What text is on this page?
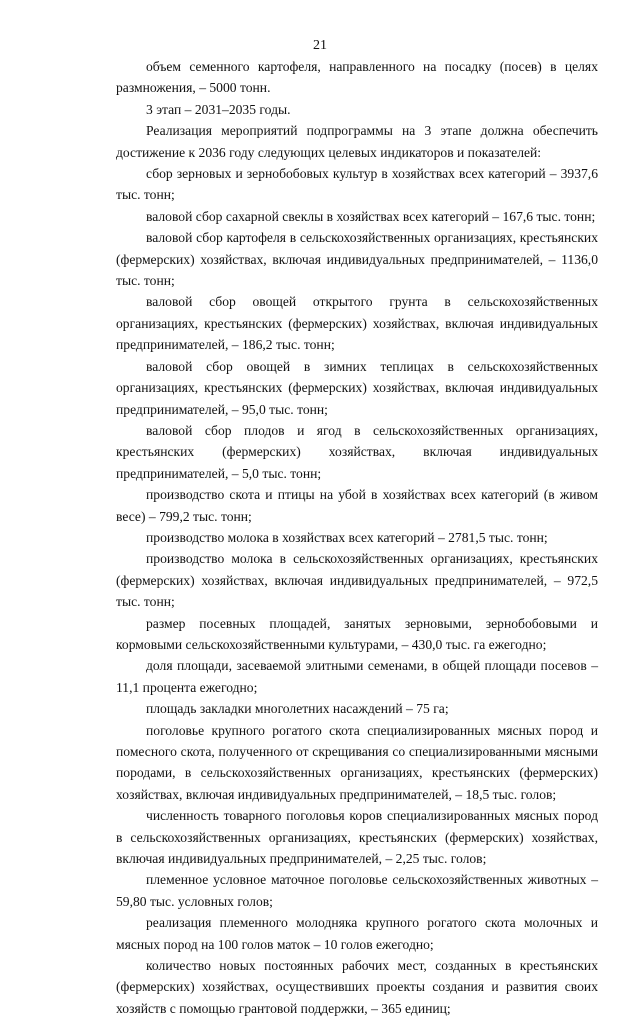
21

объем семенного картофеля, направленного на посадку (посев) в целях размножения, – 5000 тонн.

3 этап – 2031–2035 годы.

Реализация мероприятий подпрограммы на 3 этапе должна обеспечить достижение к 2036 году следующих целевых индикаторов и показателей:

сбор зерновых и зернобобовых культур в хозяйствах всех категорий – 3937,6 тыс. тонн;

валовой сбор сахарной свеклы в хозяйствах всех категорий – 167,6 тыс. тонн;

валовой сбор картофеля в сельскохозяйственных организациях, крестьянских (фермерских) хозяйствах, включая индивидуальных предпринимателей, – 1136,0 тыс. тонн;

валовой сбор овощей открытого грунта в сельскохозяйственных организациях, крестьянских (фермерских) хозяйствах, включая индивидуальных предпринимателей, – 186,2 тыс. тонн;

валовой сбор овощей в зимних теплицах в сельскохозяйственных организациях, крестьянских (фермерских) хозяйствах, включая индивидуальных предпринимателей, – 95,0 тыс. тонн;

валовой сбор плодов и ягод в сельскохозяйственных организациях, крестьянских (фермерских) хозяйствах, включая индивидуальных предпринимателей, – 5,0 тыс. тонн;

производство скота и птицы на убой в хозяйствах всех категорий (в живом весе) – 799,2 тыс. тонн;

производство молока в хозяйствах всех категорий – 2781,5 тыс. тонн;

производство молока в сельскохозяйственных организациях, крестьянских (фермерских) хозяйствах, включая индивидуальных предпринимателей, – 972,5 тыс. тонн;

размер посевных площадей, занятых зерновыми, зернобобовыми и кормовыми сельскохозяйственными культурами, – 430,0 тыс. га ежегодно;

доля площади, засеваемой элитными семенами, в общей площади посевов – 11,1 процента ежегодно;

площадь закладки многолетних насаждений – 75 га;

поголовье крупного рогатого скота специализированных мясных пород и помесного скота, полученного от скрещивания со специализированными мясными породами, в сельскохозяйственных организациях, крестьянских (фермерских) хозяйствах, включая индивидуальных предпринимателей, – 18,5 тыс. голов;

численность товарного поголовья коров специализированных мясных пород в сельскохозяйственных организациях, крестьянских (фермерских) хозяйствах, включая индивидуальных предпринимателей, – 2,25 тыс. голов;

племенное условное маточное поголовье сельскохозяйственных животных – 59,80 тыс. условных голов;

реализация племенного молодняка крупного рогатого скота молочных и мясных пород на 100 голов маток – 10 голов ежегодно;

количество новых постоянных рабочих мест, созданных в крестьянских (фермерских) хозяйствах, осуществивших проекты создания и развития своих хозяйств с помощью грантовой поддержки, – 365 единиц;
